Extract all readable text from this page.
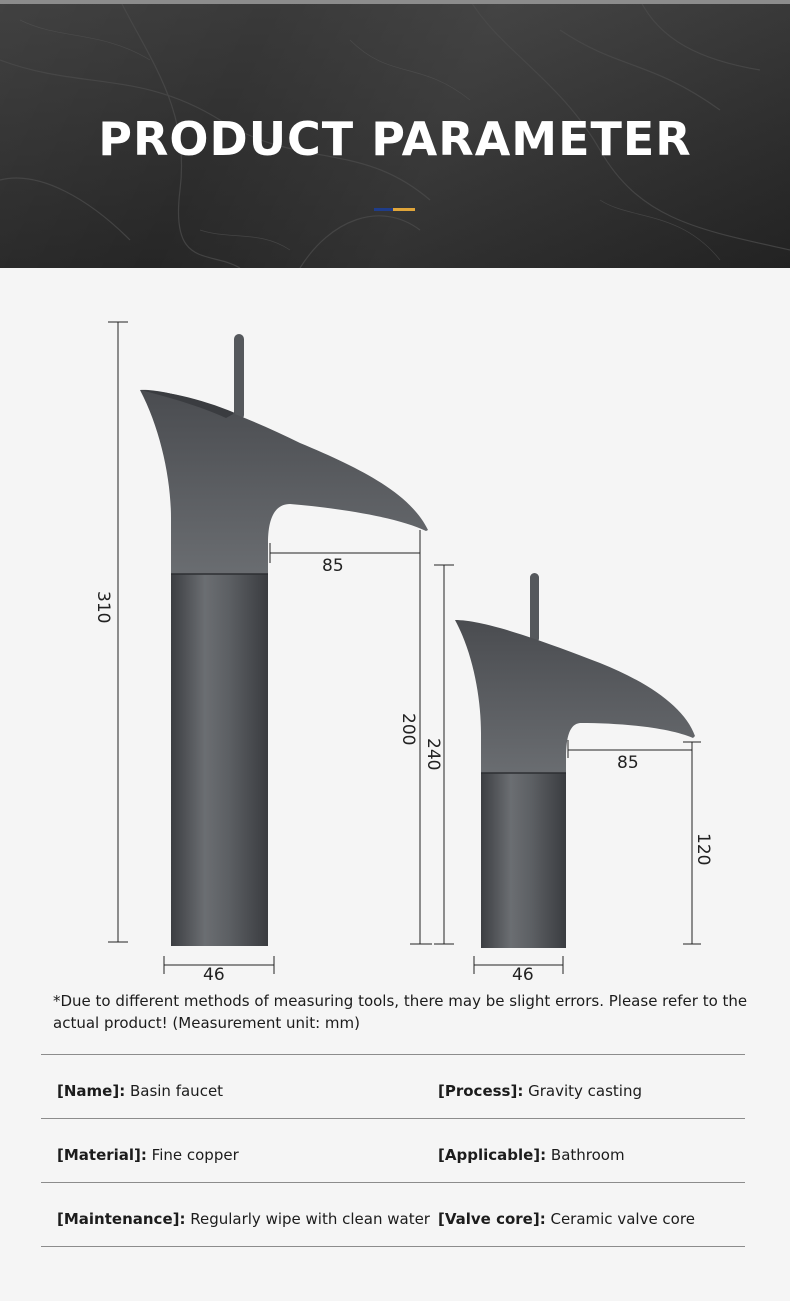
PRODUCT PARAMETER
310
85
200
240	85
120
46	46
*Due to different methods of measuring tools, there may be slight errors. Please refer to the actual product! (Measurement unit: mm)
[Name]: Basin faucet	[Process]: Gravity casting
[Material]: Fine copper	[Applicable]: Bathroom
[Maintenance]: Regularly wipe with clean water [Valve core]: Ceramic valve core
